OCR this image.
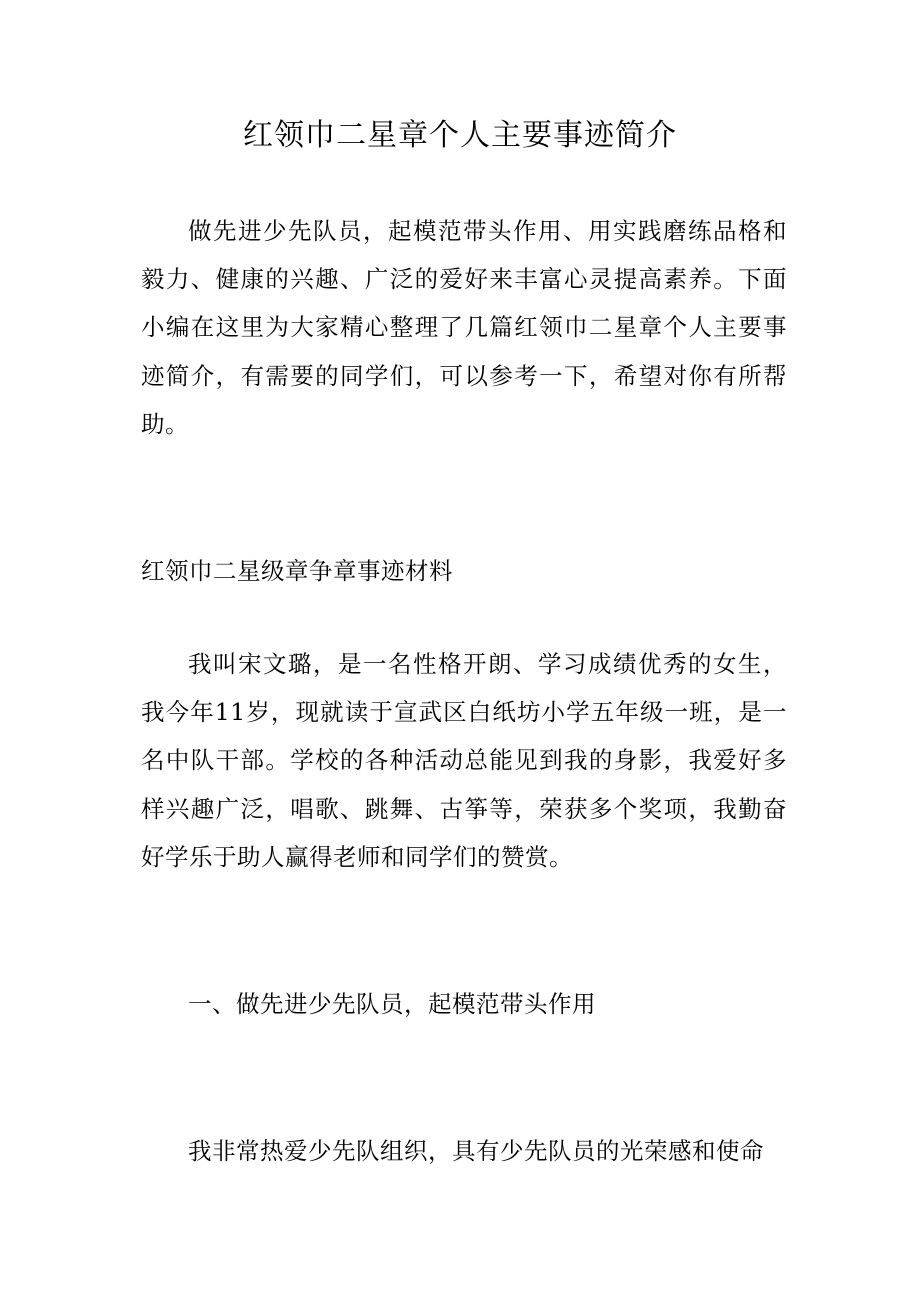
红领巾二星章个人主要事迹简介

做先进少先队员，起模范带头作用、用实践磨练品格和毅力、健康的兴趣、广泛的爱好来丰富心灵提高素养。下面小编在这里为大家精心整理了几篇红领巾二星章个人主要事迹简介，有需要的同学们，可以参考一下，希望对你有所帮助。

红领巾二星级章争章事迹材料

我叫宋文璐，是一名性格开朗、学习成绩优秀的女生，我今年11岁，现就读于宣武区白纸坊小学五年级一班，是一名中队干部。学校的各种活动总能见到我的身影，我爱好多样兴趣广泛，唱歌、跳舞、古筝等，荣获多个奖项，我勤奋好学乐于助人赢得老师和同学们的赞赏。

一、做先进少先队员，起模范带头作用

我非常热爱少先队组织，具有少先队员的光荣感和使命
